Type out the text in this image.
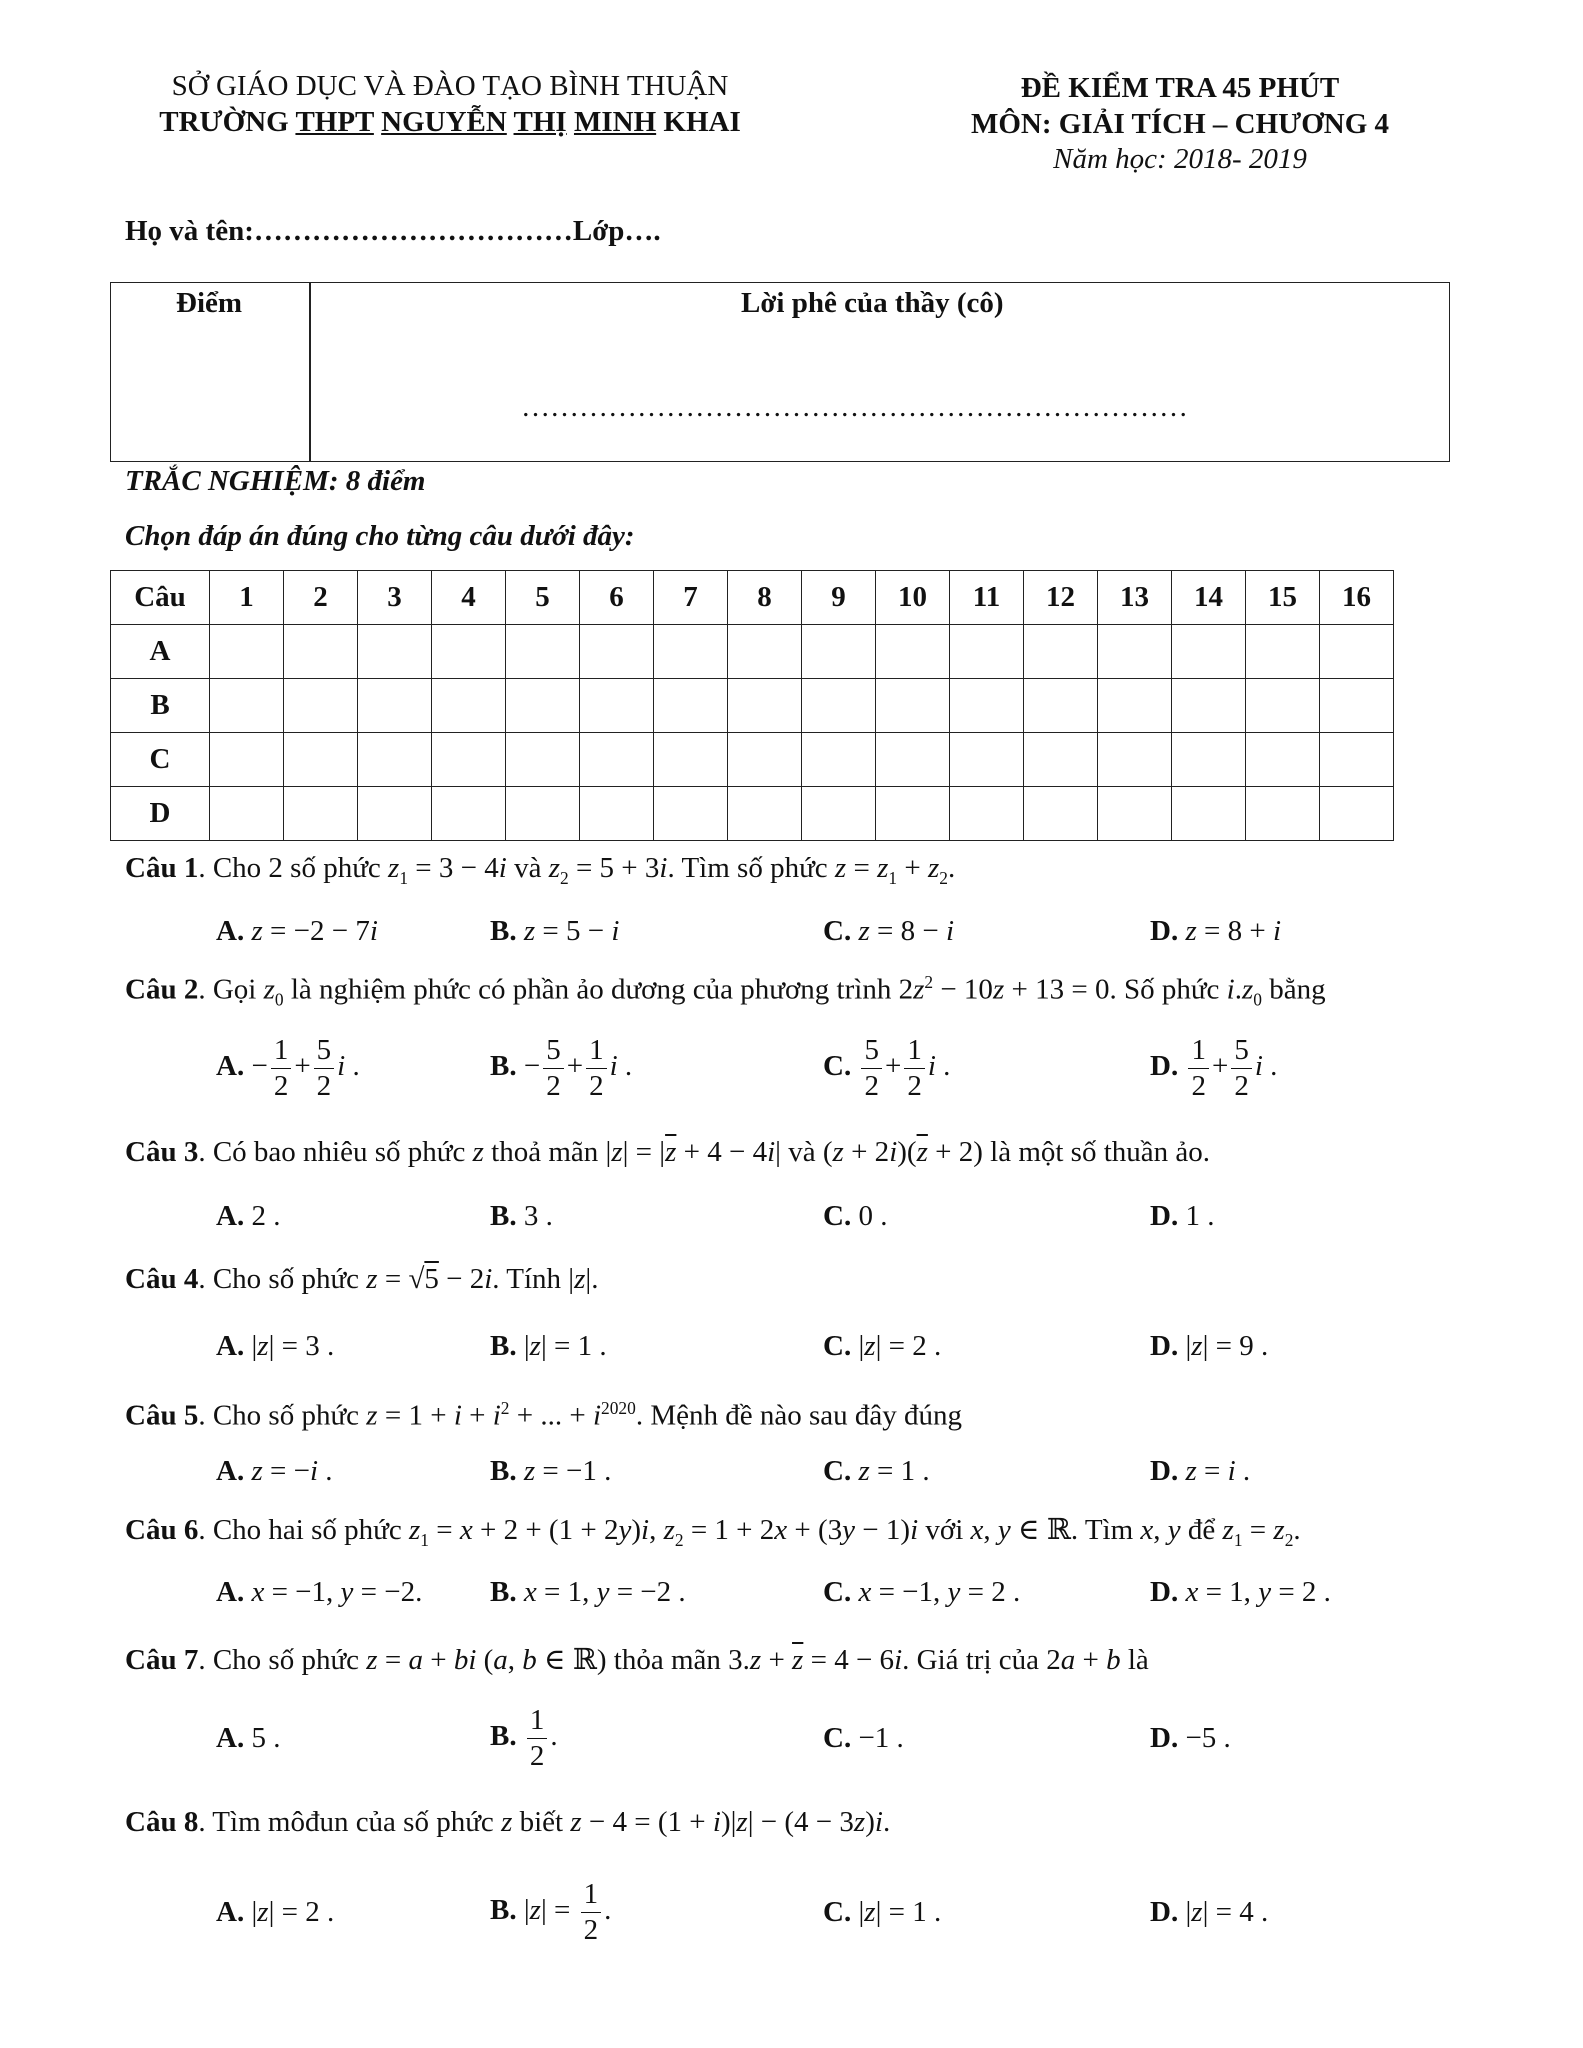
SỞ GIÁO DỤC VÀ ĐÀO TẠO BÌNH THUẬN
TRƯỜNG THPT NGUYỄN THỊ MINH KHAI
ĐỀ KIỂM TRA 45 PHÚT
MÔN: GIẢI TÍCH – CHƯƠNG 4
Năm học: 2018- 2019
Họ và tên:……………………………Lớp….
Điểm	Lời phê của thầy (cô)
……………………………………………………………
TRẮC NGHIỆM: 8 điểm
Chọn đáp án đúng cho từng câu dưới đây:
Câu	1	2	3	4	5	6	7	8	9	10	11	12	13	14	15	16
A																
B																
C																
D																
Câu 1. Cho 2 số phức $z_1 = 3 - 4i$ và $z_2 = 5 + 3i$. Tìm số phức $z = z_1 + z_2$.
A. z = −2 − 7i	B. z = 5 − i	C. z = 8 − i	D. z = 8 + i
Câu 2. Gọi $z_0$ là nghiệm phức có phần ảo dương của phương trình $2z^2 - 10z + 13 = 0$. Số phức $i.z_0$ bằng
A. − $\frac{1}{2} + \frac{5}{2}$ i .	B. − $\frac{5}{2} + \frac{1}{2}$ i .	C. $\frac{5}{2} + \frac{1}{2}$ i .	D. $\frac{1}{2} + \frac{5}{2}$ i .
Câu 3. Có bao nhiêu số phức z thoả mãn $|z| = |\overline{z} + 4 - 4i|$ và $(z + 2i)(\overline{z} + 2)$ là một số thuần ảo.
A. 2 .	B. 3 .	C. 0 .	D. 1 .
Câu 4. Cho số phức z = √5 − 2i. Tính |z|.
A. |z| = 3 .	B. |z| = 1 .	C. |z| = 2 .	D. |z| = 9 .
Câu 5. Cho số phức $z = 1 + i + i^2$ + ... + $i^{2020}$. Mệnh đề nào sau đây đúng
A. z = −i .	B. z = −1 .	C. z = 1 .	D. z = i .
Câu 6. Cho hai số phức $z_1 = x + 2 + (1 + 2y)i$, $z_2 = 1 + 2x + (3y - 1)i$ với x, y ∈ ℝ. Tìm x, y để $z_1 = z_2$.
A. x = −1, y = −2. B. x = 1, y = −2 .	C. x = −1, y = 2 .	D. x = 1, y = 2 .
Câu 7. Cho số phức z = a + bi (a, b ∈ ℝ) thỏa mãn $3.z + \overline{z} = 4 - 6i$. Giá trị của 2a + b là
A. 5 .	B. $\frac{1}{2}$ .	C. −1 .	D. −5 .
Câu 8. Tìm môđun của số phức z biết z − 4 = (1 + i)|z| − (4 − 3z)i.
A. |z| = 2 .	B. $|z| = \frac{1}{2}$ .	C. |z| = 1 .	D. |z| = 4 .
